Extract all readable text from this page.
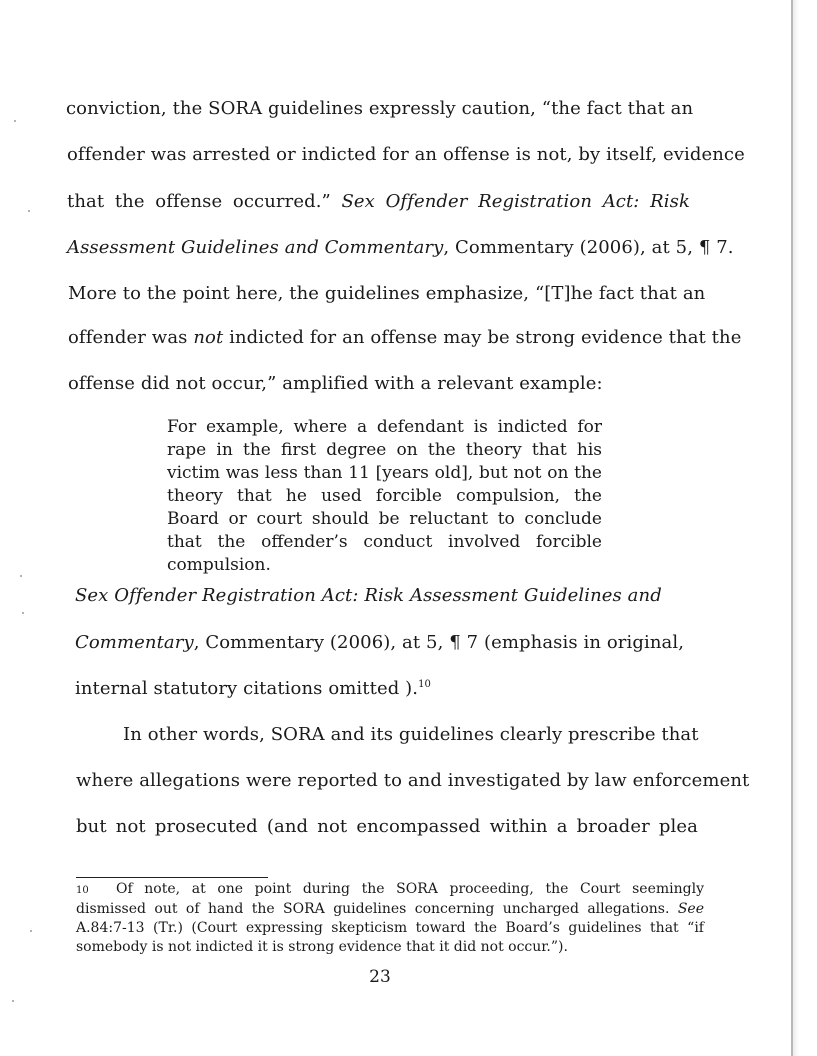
conviction, the SORA guidelines expressly caution, “the fact that an
offender was arrested or indicted for an offense is not, by itself, evidence
that the offense occurred.” Sex Offender Registration Act: Risk
Assessment Guidelines and Commentary, Commentary (2006), at 5, ¶ 7.
More to the point here, the guidelines emphasize, “[T]he fact that an
offender was not indicted for an offense may be strong evidence that the
offense did not occur,” amplified with a relevant example:
For example, where a defendant is indicted for
rape in the first degree on the theory that his
victim was less than 11 [years old], but not on the
theory that he used forcible compulsion, the
Board or court should be reluctant to conclude
that the offender’s conduct involved forcible
compulsion.
Sex Offender Registration Act: Risk Assessment Guidelines and
Commentary, Commentary (2006), at 5, ¶ 7 (emphasis in original,
internal statutory citations omitted ).$^{10}$
In other words, SORA and its guidelines clearly prescribe that
where allegations were reported to and investigated by law enforcement
but not prosecuted (and not encompassed within a broader plea
10 Of note, at one point during the SORA proceeding, the Court seemingly
dismissed out of hand the SORA guidelines concerning uncharged allegations. See
A.84:7-13 (Tr.) (Court expressing skepticism toward the Board’s guidelines that “if
somebody is not indicted it is strong evidence that it did not occur.”).
23
